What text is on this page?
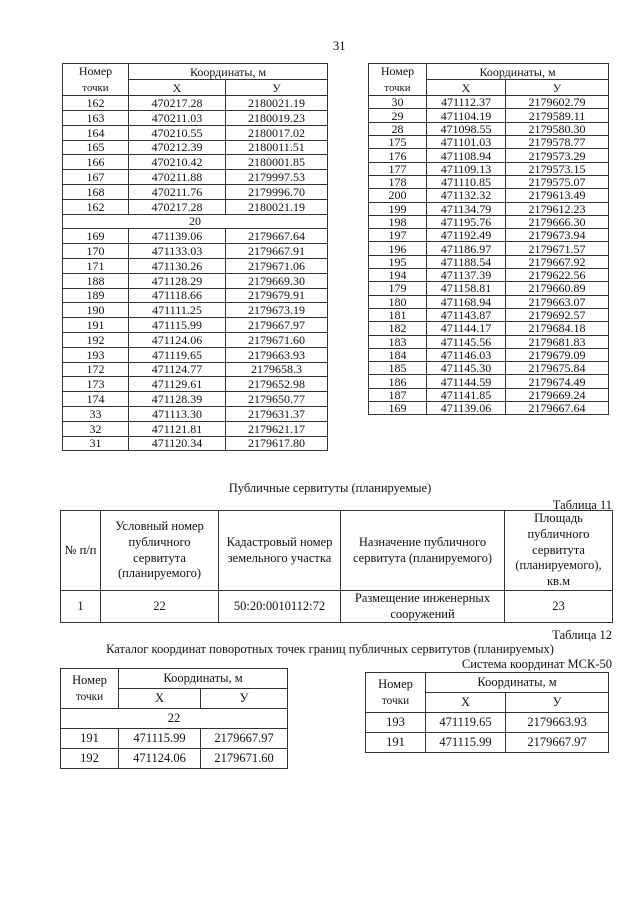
31
Номер
точки	Координаты, м	
	X	У
162	470217.28	2180021.19
163	470211.03	2180019.23
164	470210.55	2180017.02
165	470212.39	2180011.51
166	470210.42	2180001.85
167	470211.88	2179997.53
168	470211.76	2179996.70
162	470217.28	2180021.19
20		
169	471139.06	2179667.64
170	471133.03	2179667.91
171	471130.26	2179671.06
188	471128.29	2179669.30
189	471118.66	2179679.91
190	471111.25	2179673.19
191	471115.99	2179667.97
192	471124.06	2179671.60
193	471119.65	2179663.93
172	471124.77	2179658.3
173	471129.61	2179652.98
174	471128.39	2179650.77
33	471113.30	2179631.37
32	471121.81	2179621.17
31	471120.34	2179617.80
Номер
точки	Координаты, м	
	X	У
30	471112.37	2179602.79
29	471104.19	2179589.11
28	471098.55	2179580.30
175	471101.03	2179578.77
176	471108.94	2179573.29
177	471109.13	2179573.15
178	471110.85	2179575.07
200	471132.32	2179613.49
199	471134.79	2179612.23
198	471195.76	2179666.30
197	471192.49	2179673.94
196	471186.97	2179671.57
195	471188.54	2179667.92
194	471137.39	2179622.56
179	471158.81	2179660.89
180	471168.94	2179663.07
181	471143.87	2179692.57
182	471144.17	2179684.18
183	471145.56	2179681.83
184	471146.03	2179679.09
185	471145.30	2179675.84
186	471144.59	2179674.49
187	471141.85	2179669.24
169	471139.06	2179667.64
Публичные сервитуты (планируемые)
Таблица 11
№ п/п	Условный номер публичного сервитута (планируемого)	Кадастровый номер земельного участка	Назначение публичного сервитута (планируемого)	Площадь публичного сервитута (планируемого), кв.м
1	22	50:20:0010112:72	Размещение инженерных сооружений	23
Таблица 12
Каталог координат поворотных точек границ публичных сервитутов (планируемых)
Система координат МСК-50
Номер
точки	Координаты, м	
	X	У
22		
191	471115.99	2179667.97
192	471124.06	2179671.60
Номер
точки	Координаты, м	
	X	У
193	471119.65	2179663.93
191	471115.99	2179667.97
